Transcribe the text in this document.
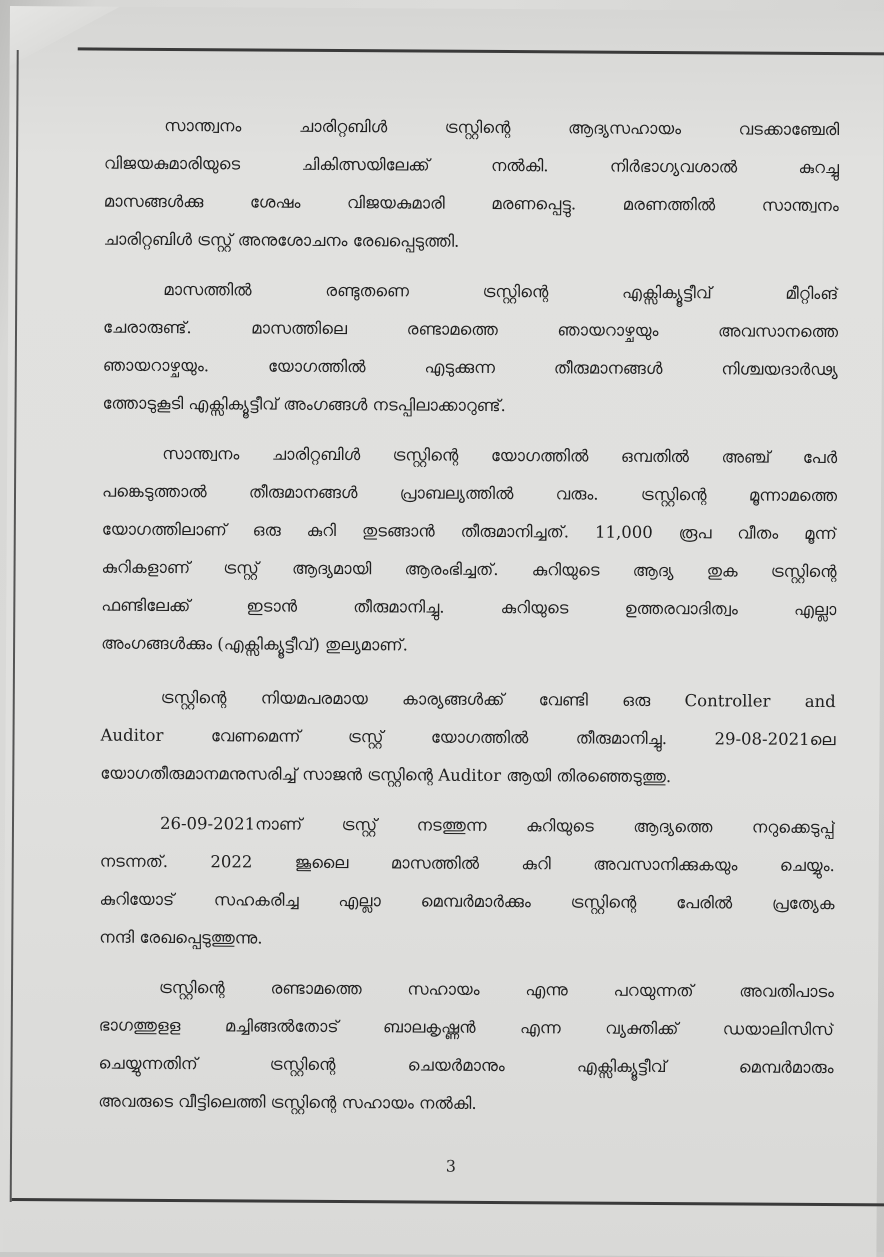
സാന്ത്വനം ചാരിറ്റബിൾ ട്രസ്റ്റിന്റെ ആദ്യസഹായം വടക്കാഞ്ചേരി

വിജയകുമാരിയുടെ ചികിത്സയിലേക്ക് നൽകി. നിർഭാഗ്യവശാൽ കുറച്ചു

മാസങ്ങൾക്കു ശേഷം വിജയകുമാരി മരണപ്പെട്ടു. മരണത്തിൽ സാന്ത്വനം

ചാരിറ്റബിൾ ട്രസ്റ്റ് അനുശോചനം രേഖപ്പെടുത്തി.

മാസത്തിൽ രണ്ടുതണെ ട്രസ്റ്റിന്റെ എക്സിക്യൂട്ടീവ് മീറ്റിംങ്

ചേരാരുണ്ട്. മാസത്തിലെ രണ്ടാമത്തെ ഞായറാഴ്ചയും അവസാനത്തെ

ഞായറാഴ്ചയും. യോഗത്തിൽ എടുക്കുന്ന തീരുമാനങ്ങൾ നിശ്ചയദാർഢ്യ

ത്തോടുകൂടി എക്സിക്യൂട്ടീവ് അംഗങ്ങൾ നടപ്പിലാക്കാറുണ്ട്.

സാന്ത്വനം ചാരിറ്റബിൾ ട്രസ്റ്റിന്റെ യോഗത്തിൽ ഒമ്പതിൽ അഞ്ച് പേർ

പങ്കെടുത്താൽ തീരുമാനങ്ങൾ പ്രാബല്യത്തിൽ വരും. ട്രസ്റ്റിന്റെ മൂന്നാമത്തെ

യോഗത്തിലാണ് ഒരു കുറി തുടങ്ങാൻ തീരുമാനിച്ചത്. 11,000 രൂപ വീതം മൂന്ന്

കുറികളാണ് ട്രസ്റ്റ് ആദ്യമായി ആരംഭിച്ചത്. കുറിയുടെ ആദ്യ തുക ട്രസ്റ്റിന്റെ

ഫണ്ടിലേക്ക് ഇടാൻ തീരുമാനിച്ചു. കുറിയുടെ ഉത്തരവാദിത്വം എല്ലാ

അംഗങ്ങൾക്കും (എക്സിക്യൂട്ടീവ്) തുല്യമാണ്.

ട്രസ്റ്റിന്റെ നിയമപരമായ കാര്യങ്ങൾക്ക് വേണ്ടി ഒരു Controller and

Auditor വേണമെന്ന് ട്രസ്റ്റ് യോഗത്തിൽ തീരുമാനിച്ചു. 29-08-2021ലെ

യോഗതീരുമാനമനുസരിച്ച് സാജൻ ട്രസ്റ്റിന്റെ Auditor ആയി തിരഞ്ഞെടുത്തു.

26-09-2021നാണ് ട്രസ്റ്റ് നടത്തുന്ന കുറിയുടെ ആദ്യത്തെ നറുക്കെടുപ്പ്

നടന്നത്. 2022 ജൂലൈ മാസത്തിൽ കുറി അവസാനിക്കുകയും ചെയ്യും.

കുറിയോട് സഹകരിച്ച എല്ലാ മെമ്പർമാർക്കും ട്രസ്റ്റിന്റെ പേരിൽ പ്രത്യേക

നന്ദി രേഖപ്പെടുത്തുന്നു.

ട്രസ്റ്റിന്റെ രണ്ടാമത്തെ സഹായം എന്നു പറയുന്നത് അവതിപാടം

ഭാഗത്തുളള മച്ചിങ്ങൽതോട് ബാലകൃഷ്ണൻ എന്ന വ്യക്തിക്ക് ഡയാലിസിസ്

ചെയ്യുന്നതിന് ട്രസ്റ്റിന്റെ ചെയർമാനും എക്സിക്യൂട്ടീവ് മെമ്പർമാരും

അവരുടെ വീട്ടിലെത്തി ട്രസ്റ്റിന്റെ സഹായം നൽകി.

3
